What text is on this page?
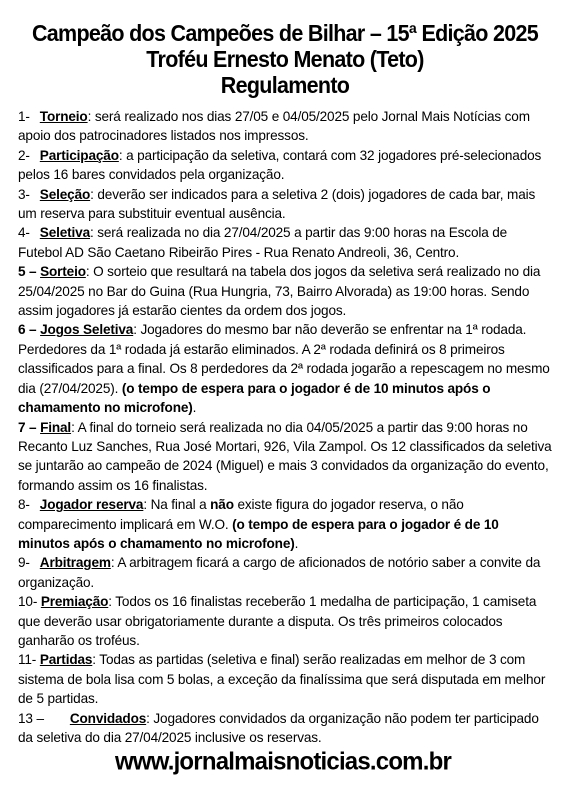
Campeão dos Campeões de Bilhar – 15ª Edição 2025

Troféu Ernesto Menato (Teto)

Regulamento

1- Torneio: será realizado nos dias 27/05 e 04/05/2025 pelo Jornal Mais Notícias com apoio dos patrocinadores listados nos impressos.

2- Participação: a participação da seletiva, contará com 32 jogadores pré-selecionados pelos 16 bares convidados pela organização.

3- Seleção: deverão ser indicados para a seletiva 2 (dois) jogadores de cada bar, mais um reserva para substituir eventual ausência.

4- Seletiva: será realizada no dia 27/04/2025 a partir das 9:00 horas na Escola de Futebol AD São Caetano Ribeirão Pires - Rua Renato Andreoli, 36, Centro.

5 – Sorteio: O sorteio que resultará na tabela dos jogos da seletiva será realizado no dia 25/04/2025 no Bar do Guina (Rua Hungria, 73, Bairro Alvorada) as 19:00 horas. Sendo assim jogadores já estarão cientes da ordem dos jogos.

6 – Jogos Seletiva: Jogadores do mesmo bar não deverão se enfrentar na 1ª rodada. Perdedores da 1ª rodada já estarão eliminados. A 2ª rodada definirá os 8 primeiros classificados para a final. Os 8 perdedores da 2ª rodada jogarão a repescagem no mesmo dia (27/04/2025). (o tempo de espera para o jogador é de 10 minutos após o chamamento no microfone).

7 – Final: A final do torneio será realizada no dia 04/05/2025 a partir das 9:00 horas no Recanto Luz Sanches, Rua José Mortari, 926, Vila Zampol. Os 12 classificados da seletiva se juntarão ao campeão de 2024 (Miguel) e mais 3 convidados da organização do evento, formando assim os 16 finalistas.

8- Jogador reserva: Na final a não existe figura do jogador reserva, o não comparecimento implicará em W.O. (o tempo de espera para o jogador é de 10 minutos após o chamamento no microfone).

9- Arbitragem: A arbitragem ficará a cargo de aficionados de notório saber a convite da organização.

10- Premiação: Todos os 16 finalistas receberão 1 medalha de participação, 1 camiseta que deverão usar obrigatoriamente durante a disputa. Os três primeiros colocados ganharão os troféus.

11- Partidas: Todas as partidas (seletiva e final) serão realizadas em melhor de 3 com sistema de bola lisa com 5 bolas, a exceção da finalíssima que será disputada em melhor de 5 partidas.

13 – Convidados: Jogadores convidados da organização não podem ter participado da seletiva do dia 27/04/2025 inclusive os reservas.

www.jornalmaisnoticias.com.br
